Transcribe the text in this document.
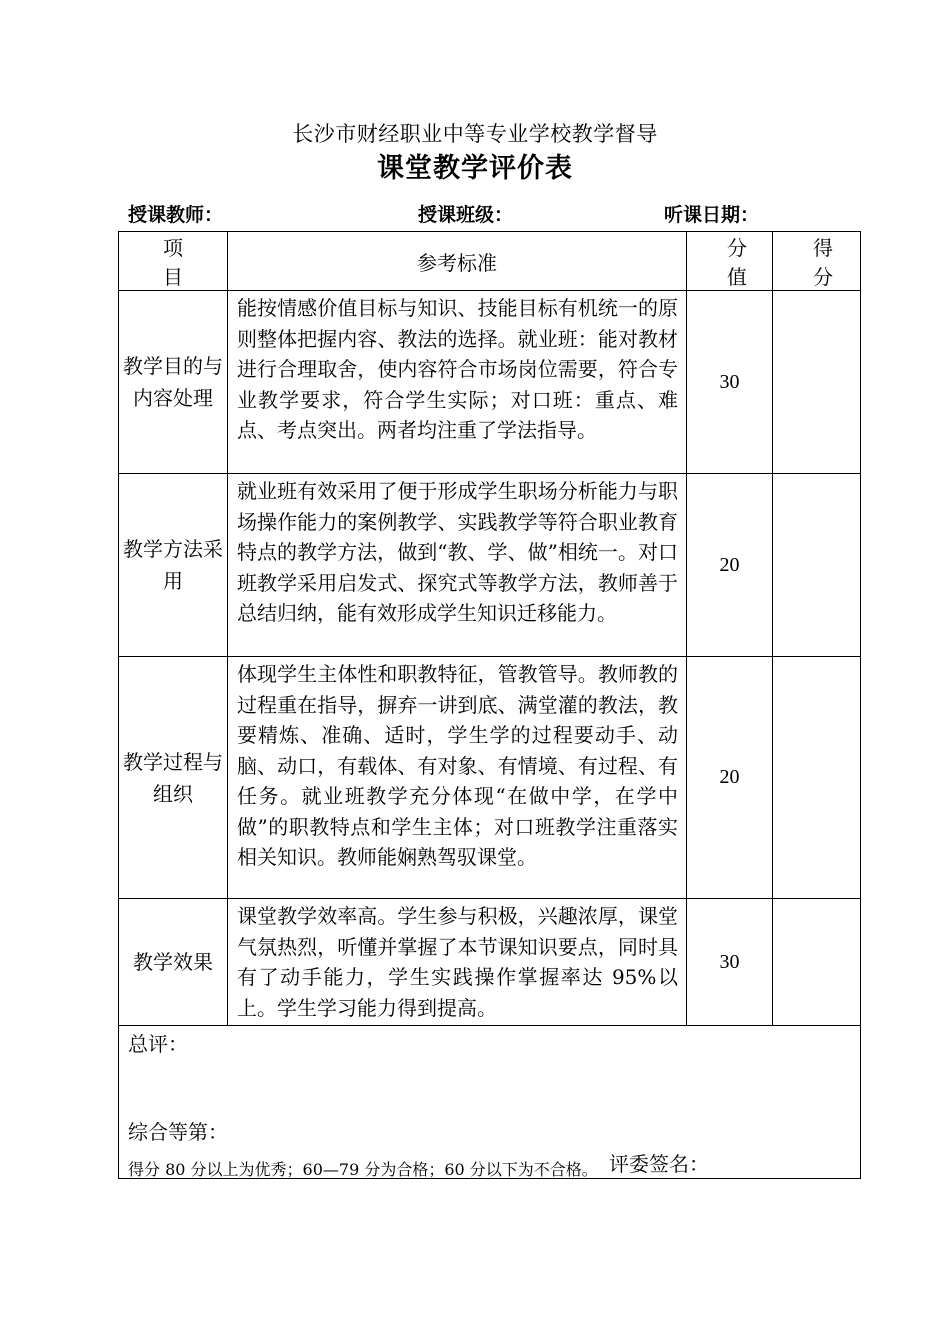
长沙市财经职业中等专业学校教学督导
课堂教学评价表
授课教师：	授课班级：	听课日期：
项 目	参考标准	分 值	得 分
教学目的与内容处理	能按情感价值目标与知识、技能目标有机统一的原则整体把握内容、教法的选择。就业班：能对教材进行合理取舍，使内容符合市场岗位需要，符合专业教学要求，符合学生实际；对口班：重点、难点、考点突出。两者均注重了学法指导。	30	
教学方法采用	就业班有效采用了便于形成学生职场分析能力与职场操作能力的案例教学、实践教学等符合职业教育特点的教学方法，做到“教、学、做”相统一。对口班教学采用启发式、探究式等教学方法，教师善于总结归纳，能有效形成学生知识迁移能力。	20	
教学过程与组织	体现学生主体性和职教特征，管教管导。教师教的过程重在指导，摒弃一讲到底、满堂灌的教法，教要精炼、准确、适时，学生学的过程要动手、动脑、动口，有载体、有对象、有情境、有过程、有任务。就业班教学充分体现“在做中学，在学中做”的职教特点和学生主体；对口班教学注重落实相关知识。教师能娴熟驾驭课堂。	20	
教学效果	课堂教学效率高。学生参与积极，兴趣浓厚，课堂气氛热烈，听懂并掌握了本节课知识要点，同时具有了动手能力，学生实践操作掌握率达 95%以上。学生学习能力得到提高。	30	

总评：
综合等第：
评委签名：			
得分 80 分以上为优秀；60—79 分为合格；60 分以下为不合格。
